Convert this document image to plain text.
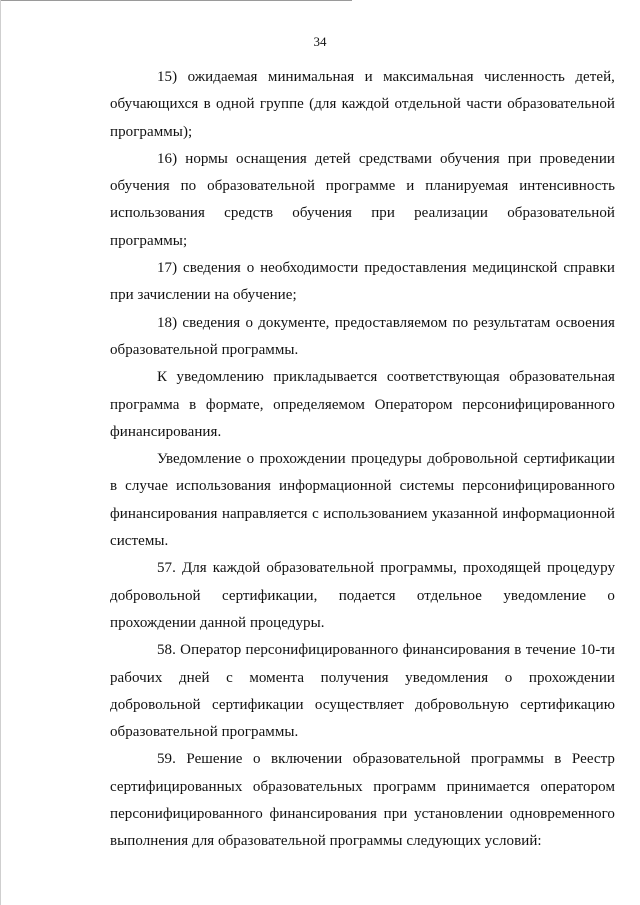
34

15) ожидаемая минимальная и максимальная численность детей, обучающихся в одной группе (для каждой отдельной части образовательной программы);

16) нормы оснащения детей средствами обучения при проведении обучения по образовательной программе и планируемая интенсивность использования средств обучения при реализации образовательной программы;

17) сведения о необходимости предоставления медицинской справки при зачислении на обучение;

18) сведения о документе, предоставляемом по результатам освоения образовательной программы.

К уведомлению прикладывается соответствующая образовательная программа в формате, определяемом Оператором персонифицированного финансирования.

Уведомление о прохождении процедуры добровольной сертификации в случае использования информационной системы персонифицированного финансирования направляется с использованием указанной информационной системы.

57. Для каждой образовательной программы, проходящей процедуру добровольной сертификации, подается отдельное уведомление о прохождении данной процедуры.

58. Оператор персонифицированного финансирования в течение 10-ти рабочих дней с момента получения уведомления о прохождении добровольной сертификации осуществляет добровольную сертификацию образовательной программы.

59. Решение о включении образовательной программы в Реестр сертифицированных образовательных программ принимается оператором персонифицированного финансирования при установлении одновременного выполнения для образовательной программы следующих условий:
